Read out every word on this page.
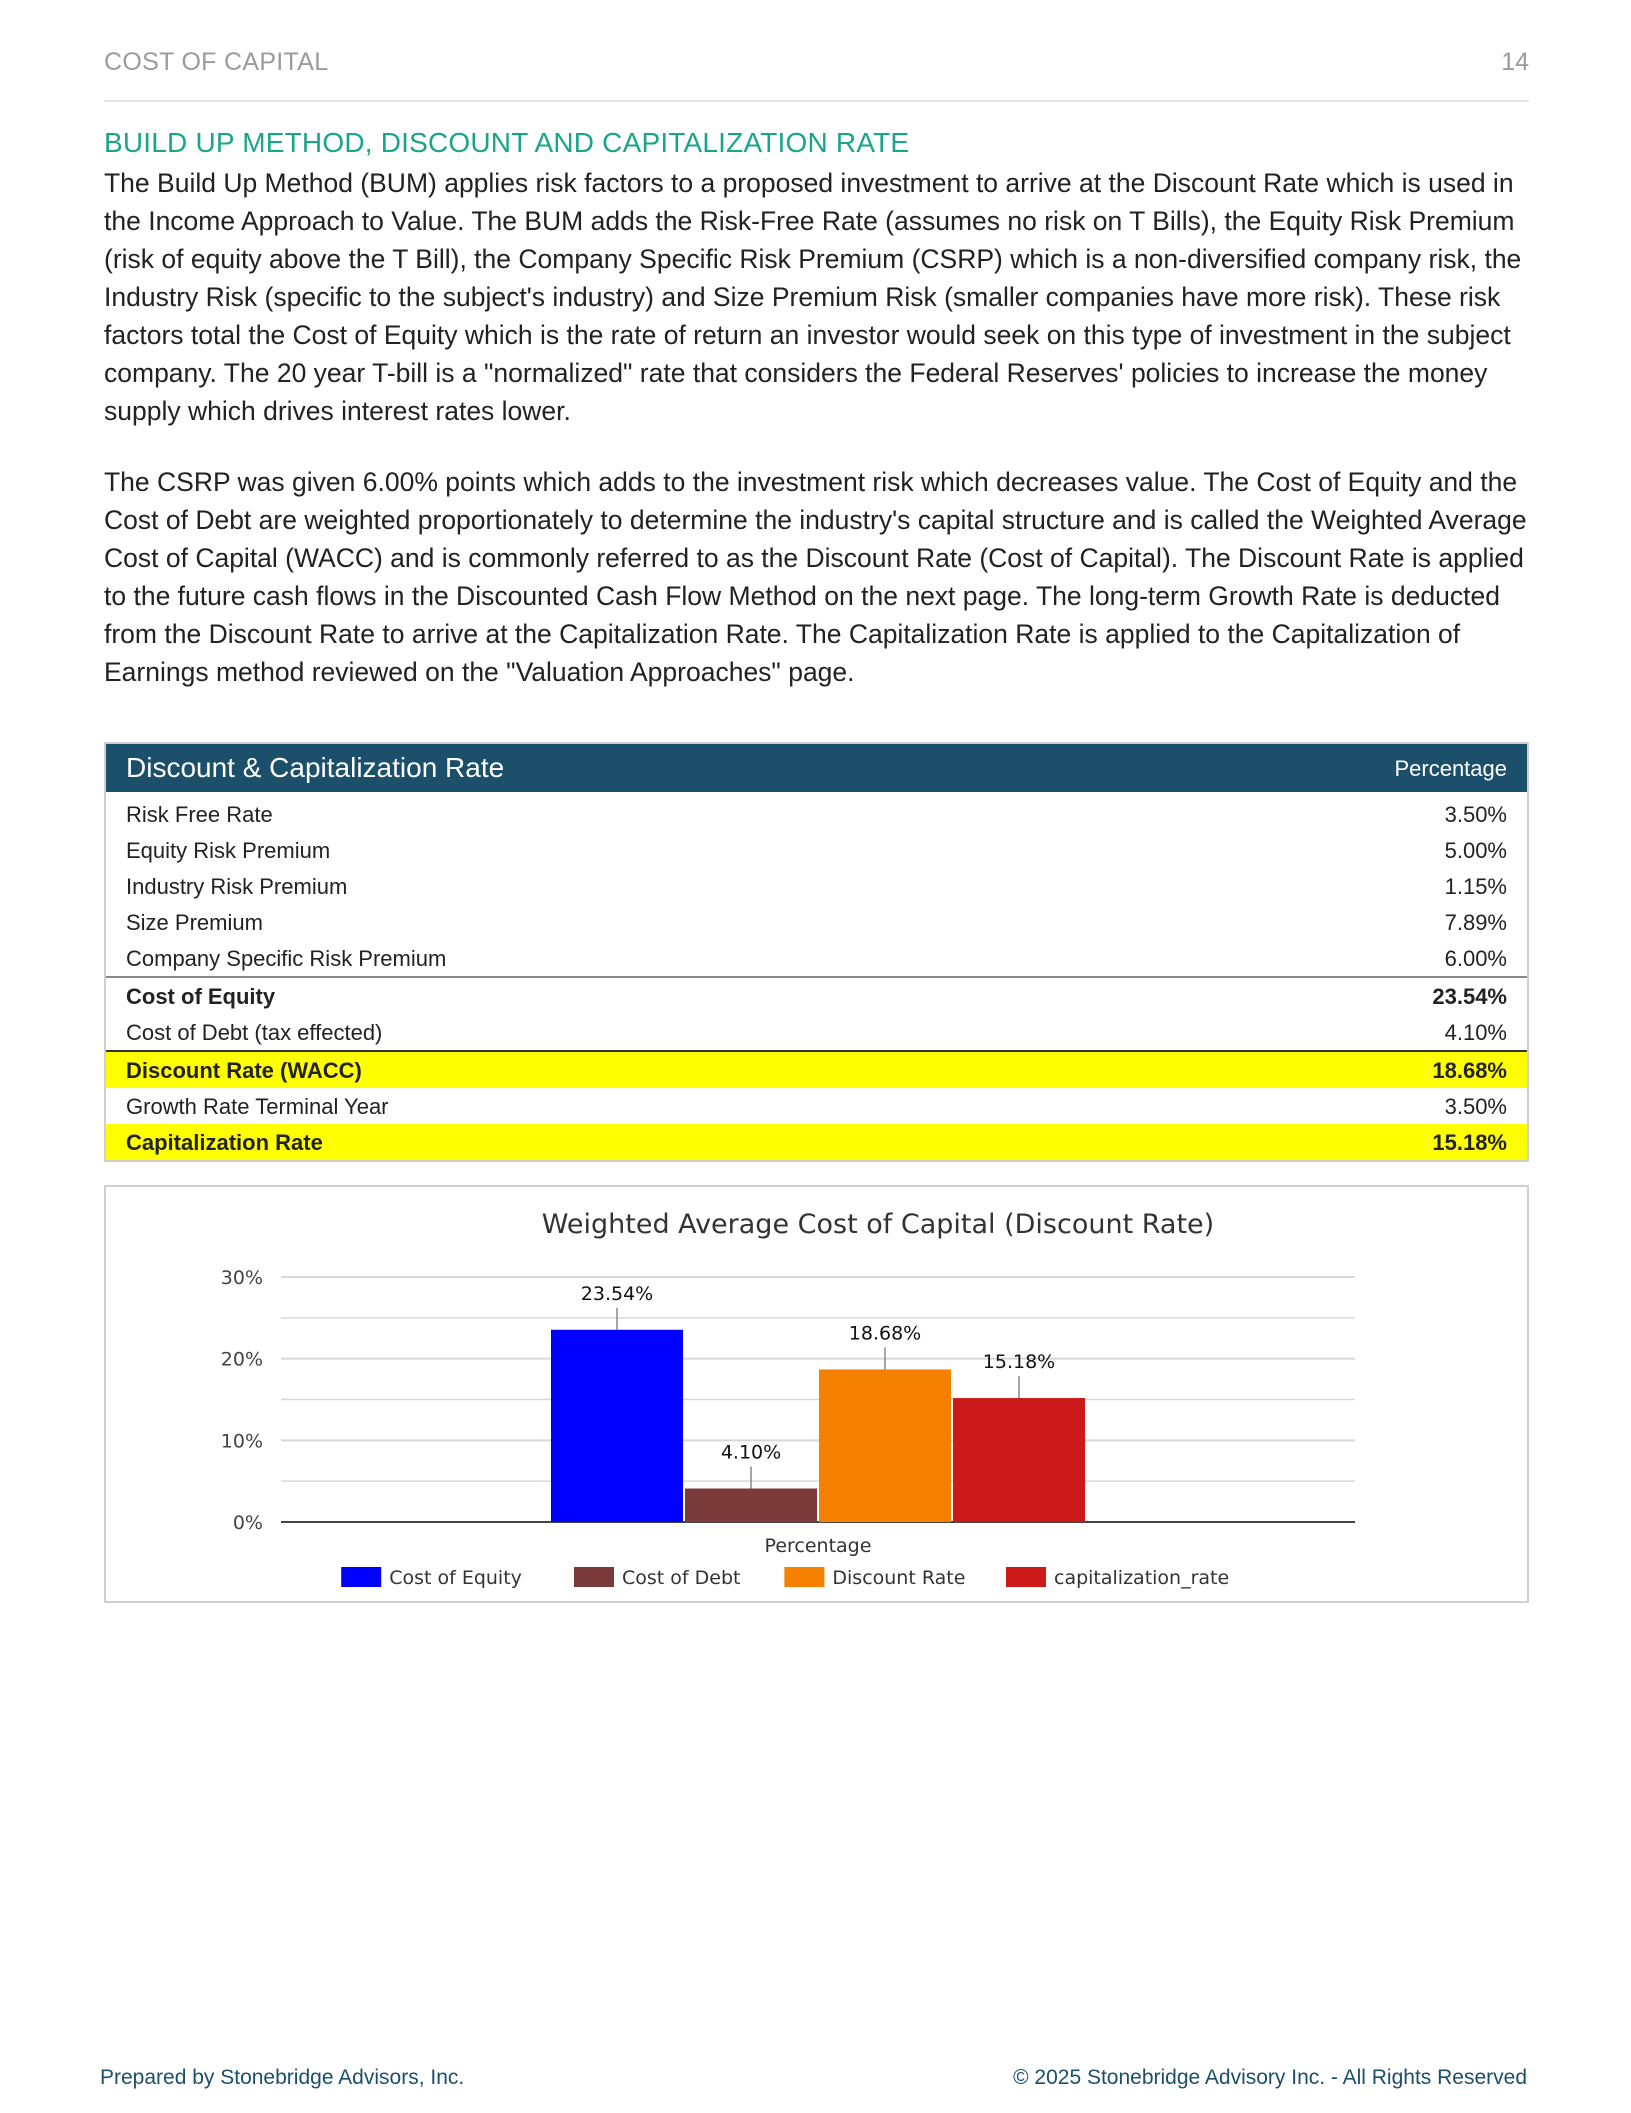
COST OF CAPITAL	14
BUILD UP METHOD, DISCOUNT AND CAPITALIZATION RATE

The Build Up Method (BUM) applies risk factors to a proposed investment to arrive at the Discount Rate which is used in the Income Approach to Value. The BUM adds the Risk-Free Rate (assumes no risk on T Bills), the Equity Risk Premium (risk of equity above the T Bill), the Company Specific Risk Premium (CSRP) which is a non-diversified company risk, the Industry Risk (specific to the subject's industry) and Size Premium Risk (smaller companies have more risk). These risk factors total the Cost of Equity which is the rate of return an investor would seek on this type of investment in the subject company. The 20 year T-bill is a "normalized" rate that considers the Federal Reserves' policies to increase the money supply which drives interest rates lower.

The CSRP was given 6.00% points which adds to the investment risk which decreases value. The Cost of Equity and the Cost of Debt are weighted proportionately to determine the industry's capital structure and is called the Weighted Average Cost of Capital (WACC) and is commonly referred to as the Discount Rate (Cost of Capital). The Discount Rate is applied to the future cash flows in the Discounted Cash Flow Method on the next page. The long-term Growth Rate is deducted from the Discount Rate to arrive at the Capitalization Rate. The Capitalization Rate is applied to the Capitalization of Earnings method reviewed on the "Valuation Approaches" page.

Discount & Capitalization Rate	Percentage
Risk Free Rate	3.50%
Equity Risk Premium	5.00%
Industry Risk Premium	1.15%
Size Premium	7.89%
Company Specific Risk Premium	6.00%
Cost of Equity	23.54%
Cost of Debt (tax effected)	4.10%
Discount Rate (WACC)	18.68%
Growth Rate Terminal Year	3.50%
Capitalization Rate	15.18%
Weighted Average Cost of Capital (Discount Rate)
0%
10%
20%
30%
23.54%
4.10%
18.68%
15.18%
Percentage
Cost of Equity	Cost of Debt	Discount Rate	capitalization_rate
Prepared by Stonebridge Advisors, Inc.	© 2025 Stonebridge Advisory Inc. - All Rights Reserved
